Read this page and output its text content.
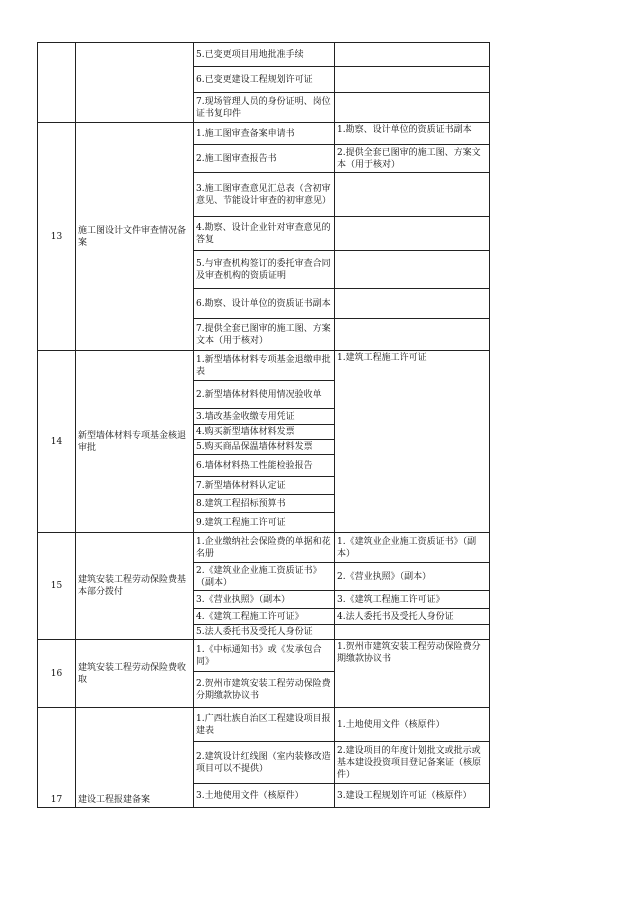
		5.已变更项目用地批准手续	
		6.已变更建设工程规划许可证	
		7.现场管理人员的身份证明、岗位证书复印件	
13	施工图设计文件审查情况备案	1.施工图审查备案申请书	1.勘察、设计单位的资质证书副本
		2.施工图审查报告书	2.提供全套已图审的施工图、方案文本（用于核对）
		3.施工图审查意见汇总表（含初审意见、节能设计审查的初审意见）	
		4.勘察、设计企业针对审查意见的答复	
		5.与审查机构签订的委托审查合同及审查机构的资质证明	
		6.勘察、设计单位的资质证书副本	
		7.提供全套已图审的施工图、方案文本（用于核对）	
14	新型墙体材料专项基金核退审批	1.新型墙体材料专项基金退缴申批表	1.建筑工程施工许可证
		2.新型墙体材料使用情况验收单	
		3.墙改基金收缴专用凭证	
		4.购买新型墙体材料发票	
		5.购买商品保温墙体材料发票	
		6.墙体材料热工性能检验报告	
		7.新型墙体材料认定证	
		8.建筑工程招标预算书	
		9.建筑工程施工许可证	
15	建筑安装工程劳动保险费基本部分拨付	1.企业缴纳社会保险费的单据和花名册	1.《建筑业企业施工资质证书》（副本）
		2.《建筑业企业施工资质证书》（副本）	2.《营业执照》（副本）
		3.《营业执照》（副本）	3.《建筑工程施工许可证》
		4.《建筑工程施工许可证》	4.法人委托书及受托人身份证
		5.法人委托书及受托人身份证	
16	建筑安装工程劳动保险费收取	1.《中标通知书》或《发承包合同》	1.贺州市建筑安装工程劳动保险费分期缴款协议书
		2.贺州市建筑安装工程劳动保险费分期缴款协议书	
17	建设工程报建备案	1.广西壮族自治区工程建设项目报建表	1.土地使用文件（核原件）
		2.建筑设计红线图（室内装修改造项目可以不提供）	2.建设项目的年度计划批文或批示或基本建设投资项目登记备案证（核原件）
		3.土地使用文件（核原件）	3.建设工程规划许可证（核原件）
